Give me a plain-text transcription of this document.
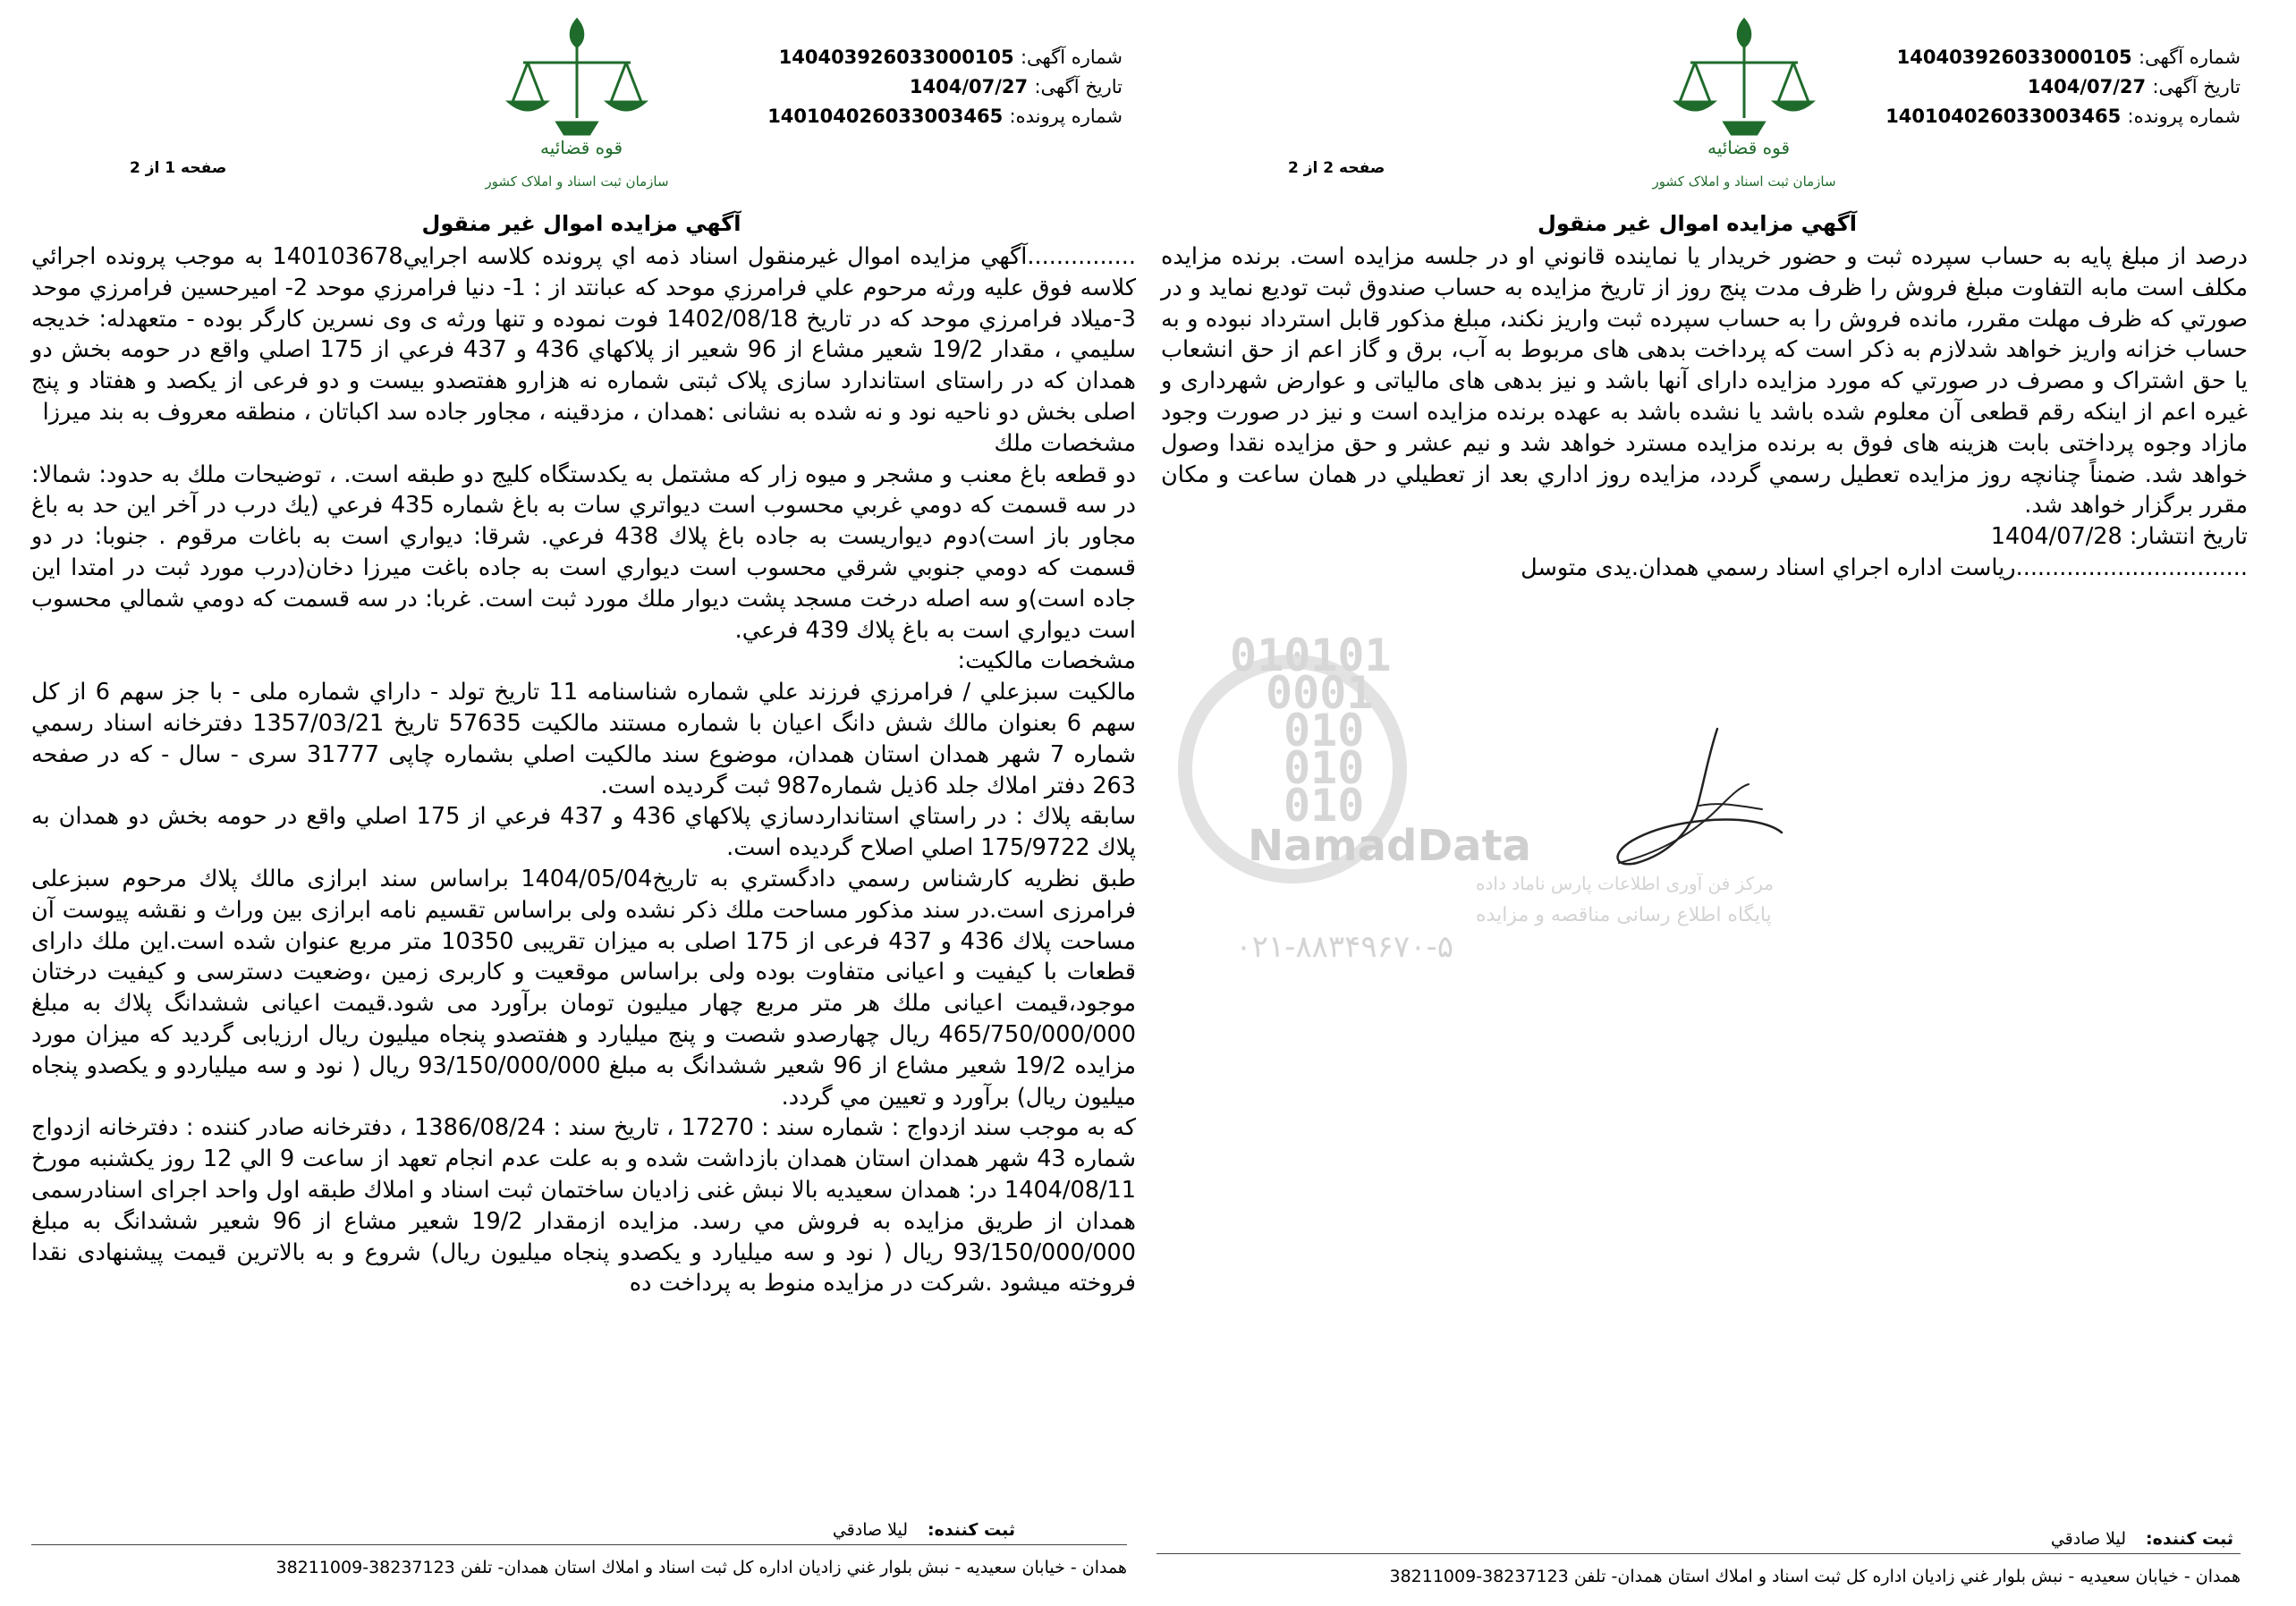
شماره آگهی: 140403926033000105
تاریخ آگهی: 1404/07/27
شماره پرونده: 140104026033003465
قوه قضائیه
سازمان ثبت اسناد و املاک کشور
صفحه 2 از 2
آگهي مزايده اموال غير منقول

درصد از مبلغ پايه به حساب سپرده ثبت و حضور خريدار يا نماينده قانوني او در جلسه مزايده است. برنده مزايده مكلف است مابه التفاوت مبلغ فروش را ظرف مدت پنج روز از تاريخ مزايده به حساب صندوق ثبت توديع نمايد و در صورتي كه ظرف مهلت مقرر، مانده فروش را به حساب سپرده ثبت واريز نكند، مبلغ مذكور قابل استرداد نبوده و به حساب خزانه واريز خواهد شدلازم به ذكر است كه پرداخت بدهی های مربوط به آب، برق و گاز اعم از حق انشعاب يا حق اشتراک و مصرف در صورتي كه مورد مزايده دارای آنها باشد و نیز بدهی های مالياتی و عوارض شهرداری و غيره اعم از اينکه رقم قطعی آن معلوم شده باشد يا نشده باشد به عهده برنده مزايده است و نيز در صورت وجود مازاد وجوه پرداختی بابت هزينه های فوق به برنده مزايده مسترد خواهد شد و نيم عشر و حق مزايده نقدا وصول خواهد شد. ضمناً چنانچه روز مزايده تعطيل رسمي گردد، مزايده روز اداري بعد از تعطيلي در همان ساعت و مكان مقرر برگزار خواهد شد.

تاريخ انتشار: 1404/07/28

................................رياست اداره اجراي اسناد رسمي همدان.يدی متوسل

ثبت کننده:ليلا صادقي
همدان - خيابان سعيديه - نبش بلوار غني زاديان اداره كل ثبت اسناد و املاك استان همدان- تلفن 38237123-38211009
شماره آگهی: 140403926033000105
تاریخ آگهی: 1404/07/27
شماره پرونده: 140104026033003465
قوه قضائیه
سازمان ثبت اسناد و املاک کشور
صفحه 1 از 2
آگهي مزايده اموال غير منقول

...............آگهي مزايده اموال غيرمنقول اسناد ذمه اي پرونده كلاسه اجرايي140103678 به موجب پرونده اجرائي كلاسه فوق عليه ورثه مرحوم علي فرامرزي موحد كه عبانتد از : 1- دنيا فرامرزي موحد 2- اميرحسين فرامرزي موحد 3-ميلاد فرامرزي موحد كه در تاريخ 1402/08/18 فوت نموده و تنها ورثه ی وی نسرين كارگر بوده - متعهدله: خديجه سليمي ، مقدار 19/2 شعير مشاع از 96 شعير از پلاكهاي 436 و 437 فرعي از 175 اصلي واقع در حومه بخش دو همدان كه در راستای استاندارد سازی پلاک ثبتی شماره نه هزارو هفتصدو بيست و دو فرعی از يکصد و هفتاد و پنج اصلی بخش دو ناحيه نود و نه شده به نشانی :همدان ، مزدقينه ، مجاور جاده سد اكباتان ، منطقه معروف به بند ميرزا

مشخصات ملك

دو قطعه باغ معنب و مشجر و ميوه زار كه مشتمل به يكدستگاه كليج دو طبقه است. ، توضيحات ملك به حدود: شمالا: در سه قسمت كه دومي غربي محسوب است ديواتري سات به باغ شماره 435 فرعي (يك درب در آخر اين حد به باغ مجاور باز است)دوم ديواريست به جاده باغ پلاك 438 فرعي. شرقا: ديواري است به باغات مرقوم . جنوبا: در دو قسمت كه دومي جنوبي شرقي محسوب است ديواري است به جاده باغت ميرزا دخان(درب مورد ثبت در امتدا اين جاده است)و سه اصله درخت مسجد پشت ديوار ملك مورد ثبت است. غربا: در سه قسمت كه دومي شمالي محسوب است ديواري است به باغ پلاك 439 فرعي.

مشخصات مالكيت:

مالكيت سبزعلي / فرامرزي فرزند علي شماره شناسنامه 11 تاريخ تولد - داراي شماره ملی - با جز سهم 6 از كل سهم 6 بعنوان مالك شش دانگ اعيان با شماره مستند مالكيت 57635 تاريخ 1357/03/21 دفترخانه اسناد رسمي شماره 7 شهر همدان استان همدان، موضوع سند مالكيت اصلي بشماره چاپی 31777 سری - سال - كه در صفحه 263 دفتر املاك جلد 6ذيل شماره987 ثبت گرديده است.

سابقه پلاك : در راستاي استانداردسازي پلاكهاي 436 و 437 فرعي از 175 اصلي واقع در حومه بخش دو همدان به پلاك 175/9722 اصلي اصلاح گرديده است.

طبق نظريه كارشناس رسمي دادگستري به تاريخ1404/05/04 براساس سند ابرازی مالك پلاك مرحوم سبزعلی فرامرزی است.در سند مذكور مساحت ملك ذكر نشده ولی براساس تقسيم نامه ابرازی بين وراث و نقشه پيوست آن مساحت پلاك 436 و 437 فرعی از 175 اصلی به ميزان تقريبی 10350 متر مربع عنوان شده است.اين ملك دارای قطعات با كيفيت و اعيانی متفاوت بوده ولی براساس موقعيت و كاربری زمين ،وضعيت دسترسی و كيفيت درختان موجود،قيمت اعيانی ملك هر متر مربع چهار ميليون تومان برآورد می شود.قيمت اعيانی ششدانگ پلاك به مبلغ 465/750/000/000 ريال چهارصدو شصت و پنج ميليارد و هفتصدو پنجاه ميليون ريال ارزيابی گرديد كه ميزان مورد مزايده 19/2 شعير مشاع از 96 شعير ششدانگ به مبلغ 93/150/000/000 ريال ( نود و سه ميلياردو و يكصدو پنجاه ميليون ريال) برآورد و تعيين مي گردد.

كه به موجب سند ازدواج : شماره سند : 17270 ، تاريخ سند : 1386/08/24 ، دفترخانه صادر كننده : دفترخانه ازدواج شماره 43 شهر همدان استان همدان بازداشت شده و به علت عدم انجام تعهد از ساعت 9 الي 12 روز يكشنبه مورخ 1404/08/11 در: همدان سعيديه بالا نبش غنی زاديان ساختمان ثبت اسناد و املاك طبقه اول واحد اجرای اسنادرسمی همدان از طريق مزايده به فروش مي رسد. مزايده ازمقدار 19/2 شعير مشاع از 96 شعير ششدانگ به مبلغ 93/150/000/000 ريال ( نود و سه ميليارد و يكصدو پنجاه ميليون ريال) شروع و به بالاترين قيمت پيشنهادی نقدا فروخته ميشود .شركت در مزايده منوط به پرداخت ده

ثبت کننده:ليلا صادقي
همدان - خيابان سعيديه - نبش بلوار غني زاديان اداره كل ثبت اسناد و املاك استان همدان- تلفن 38237123-38211009
010101
0001
010
010
010
NamadData
مرکز فن آوری اطلاعات پارس ناماد داده
پایگاه اطلاع رسانی مناقصه و مزایده
۰۲۱-۸۸۳۴۹۶۷۰-۵
